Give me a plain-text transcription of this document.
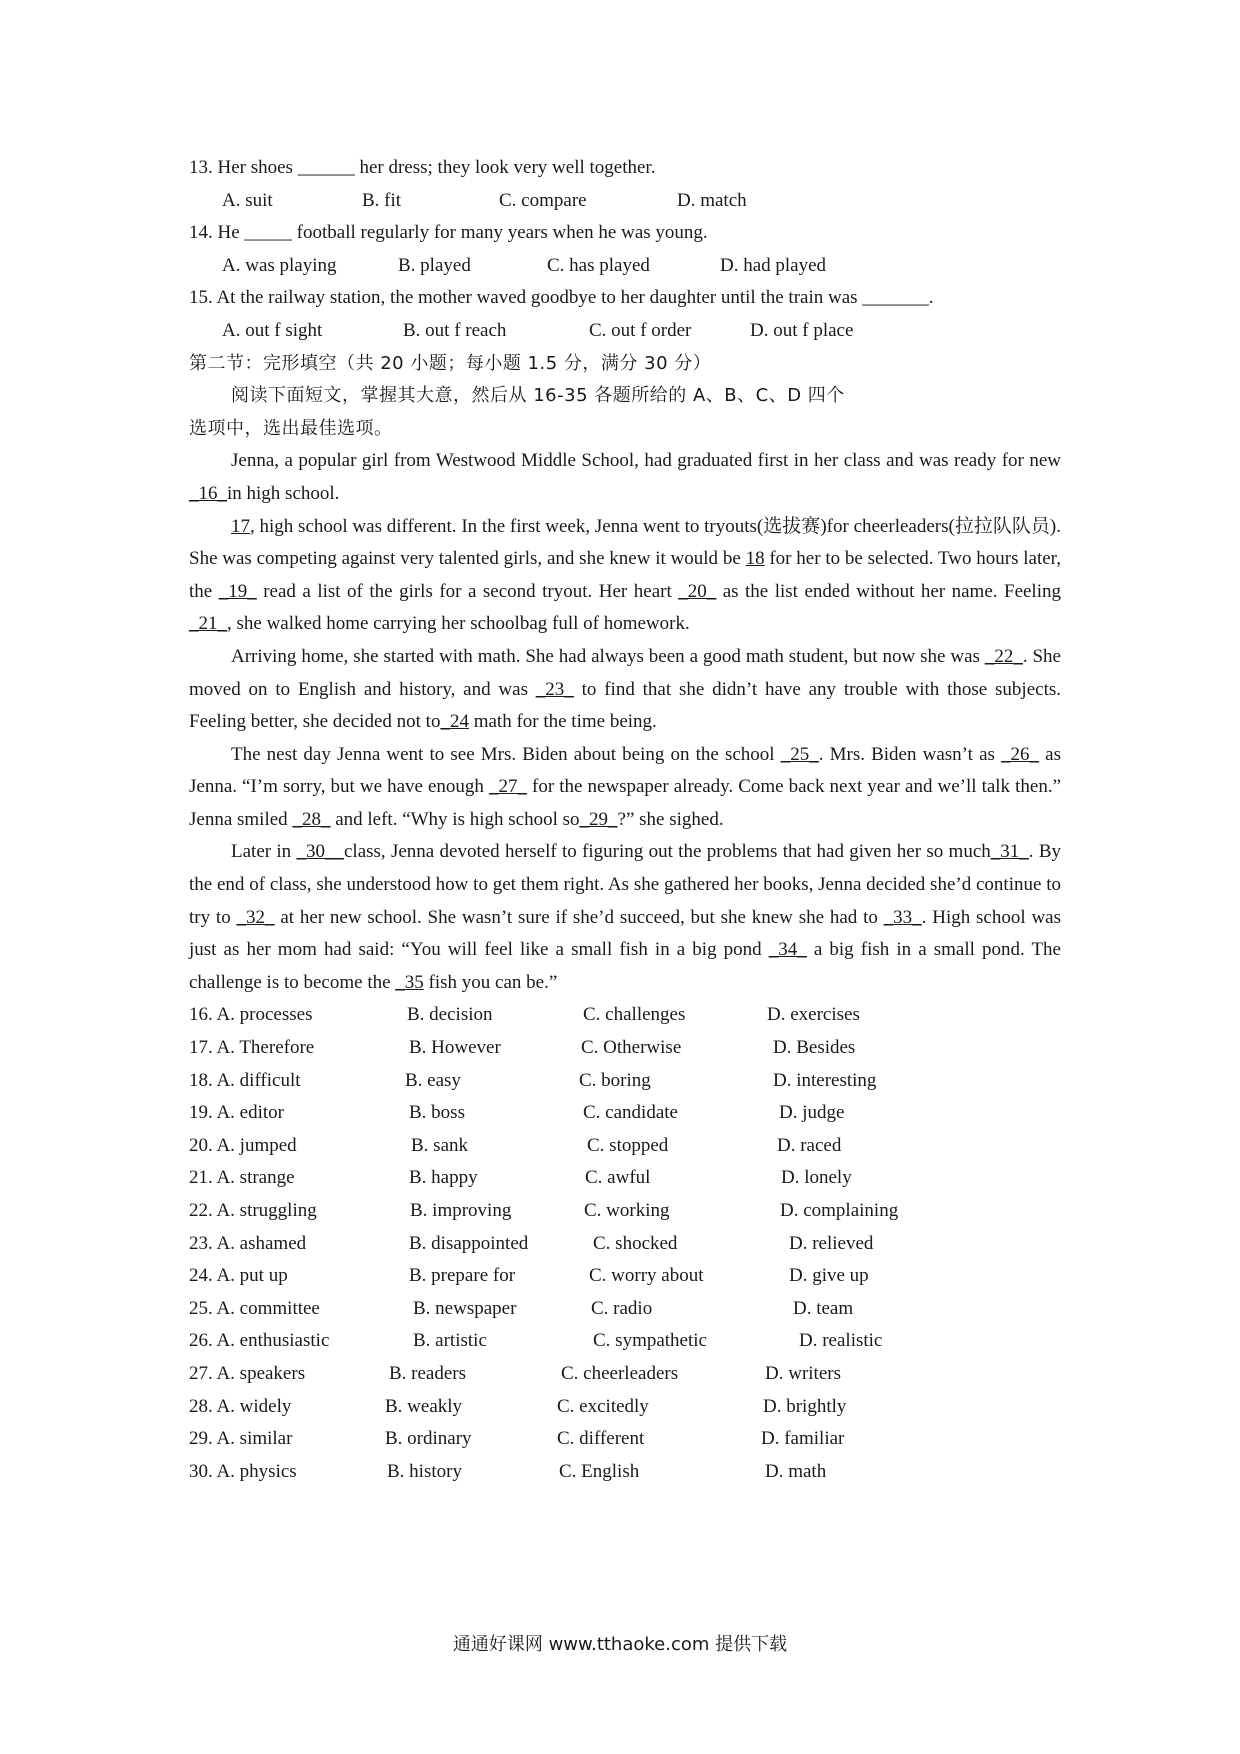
13. Her shoes ______ her dress; they look very well together.
A. suit	B. fit	C. compare	D. match
14. He _____ football regularly for many years when he was young.
A. was playing	B. played	C. has played	D. had played
15. At the railway station, the mother waved goodbye to her daughter until the train was _______.
A. out f sight	B. out f reach	C. out f order	D. out f place
第二节：完形填空（共 20 小题；每小题 1.5 分，满分 30 分）
阅读下面短文，掌握其大意，然后从 16-35 各题所给的 A、B、C、D 四个
选项中，选出最佳选项。

Jenna, a popular girl from Westwood Middle School, had graduated first in her class and was ready for new _16_in high school.

17, high school was different. In the first week, Jenna went to tryouts(选拔赛)for cheerleaders(拉拉队队员). She was competing against very talented girls, and she knew it would be 18 for her to be selected. Two hours later, the _19_ read a list of the girls for a second tryout. Her heart _20_ as the list ended without her name. Feeling _21_, she walked home carrying her schoolbag full of homework.

Arriving home, she started with math. She had always been a good math student, but now she was _22_. She moved on to English and history, and was _23_ to find that she didn’t have any trouble with those subjects. Feeling better, she decided not to_24 math for the time being.

The nest day Jenna went to see Mrs. Biden about being on the school _25_. Mrs. Biden wasn’t as _26_ as Jenna. “I’m sorry, but we have enough _27_ for the newspaper already. Come back next year and we’ll talk then.” Jenna smiled _28_ and left. “Why is high school so_29_?” she sighed.

Later in _30__class, Jenna devoted herself to figuring out the problems that had given her so much_31_. By the end of class, she understood how to get them right. As she gathered her books, Jenna decided she’d continue to try to _32_ at her new school. She wasn’t sure if she’d succeed, but she knew she had to _33_. High school was just as her mom had said: “You will feel like a small fish in a big pond _34_ a big fish in a small pond. The challenge is to become the _35 fish you can be.”

16. A. processes	B. decision	C. challenges	D. exercises
17. A. Therefore	B. However	C. Otherwise	D. Besides
18. A. difficult	B. easy	C. boring	D. interesting
19. A. editor	B. boss	C. candidate	D. judge
20. A. jumped	B. sank	C. stopped	D. raced
21. A. strange	B. happy	C. awful	D. lonely
22. A. struggling	B. improving	C. working	D. complaining
23. A. ashamed	B. disappointed	C. shocked	D. relieved
24. A. put up	B. prepare for	C. worry about	D. give up
25. A. committee	B. newspaper	C. radio	D. team
26. A. enthusiastic	B. artistic	C. sympathetic	D. realistic
27. A. speakers	B. readers	C. cheerleaders	D. writers
28. A. widely	B. weakly	C. excitedly	D. brightly
29. A. similar	B. ordinary	C. different	D. familiar
30. A. physics	B. history	C. English	D. math
通通好课网 www.tthaoke.com 提供下载
